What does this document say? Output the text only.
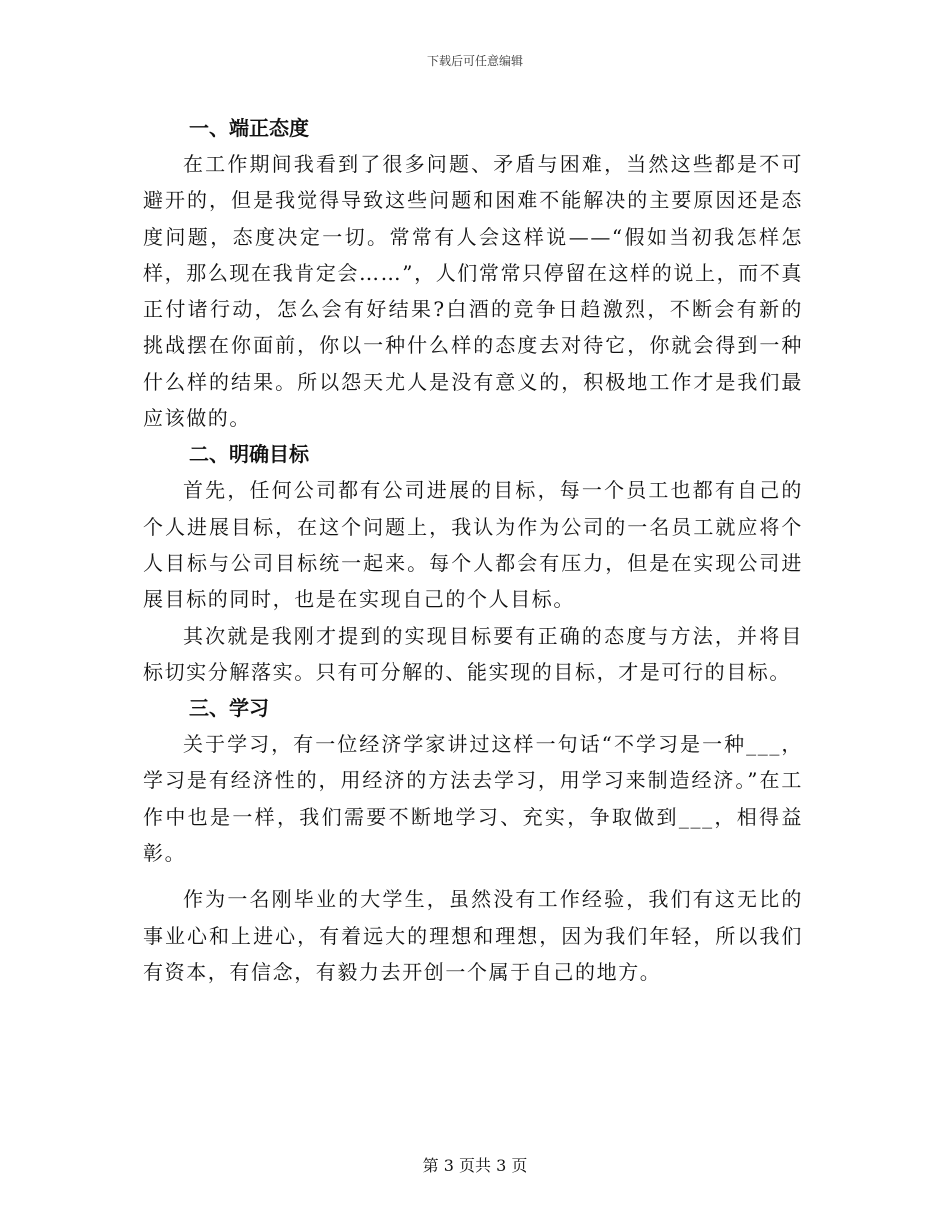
下载后可任意编辑
一、端正态度

在工作期间我看到了很多问题、矛盾与困难，当然这些都是不可避开的，但是我觉得导致这些问题和困难不能解决的主要原因还是态度问题，态度决定一切。常常有人会这样说——“假如当初我怎样怎样，那么现在我肯定会……”，人们常常只停留在这样的说上，而不真正付诸行动，怎么会有好结果?白酒的竞争日趋激烈，不断会有新的挑战摆在你面前，你以一种什么样的态度去对待它，你就会得到一种什么样的结果。所以怨天尤人是没有意义的，积极地工作才是我们最应该做的。

二、明确目标

首先，任何公司都有公司进展的目标，每一个员工也都有自己的个人进展目标，在这个问题上，我认为作为公司的一名员工就应将个人目标与公司目标统一起来。每个人都会有压力，但是在实现公司进展目标的同时，也是在实现自己的个人目标。

其次就是我刚才提到的实现目标要有正确的态度与方法，并将目标切实分解落实。只有可分解的、能实现的目标，才是可行的目标。

三、学习

关于学习，有一位经济学家讲过这样一句话“不学习是一种___，学习是有经济性的，用经济的方法去学习，用学习来制造经济。”在工作中也是一样，我们需要不断地学习、充实，争取做到___，相得益彰。

作为一名刚毕业的大学生，虽然没有工作经验，我们有这无比的事业心和上进心，有着远大的理想和理想，因为我们年轻，所以我们有资本，有信念，有毅力去开创一个属于自己的地方。

第 3 页共 3 页
